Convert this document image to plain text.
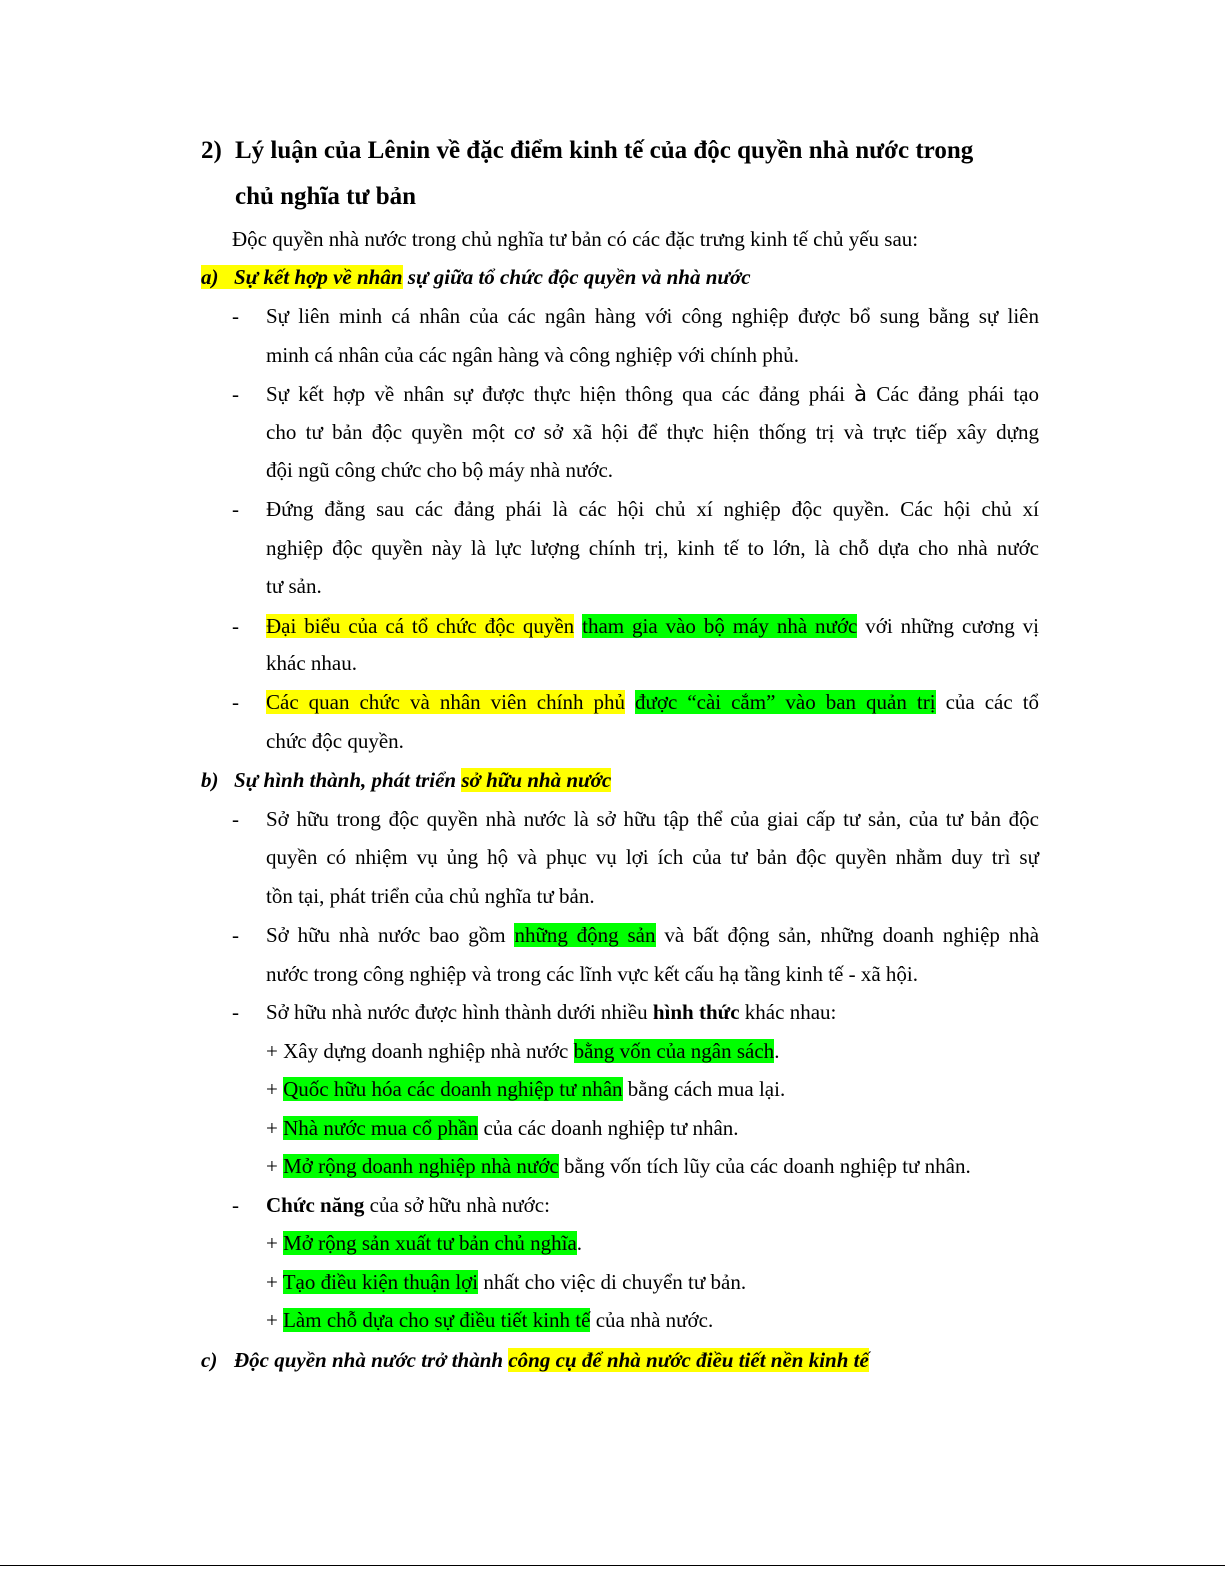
2) Lý luận của Lênin về đặc điểm kinh tế của độc quyền nhà nước trong
chủ nghĩa tư bản
Độc quyền nhà nước trong chủ nghĩa tư bản có các đặc trưng kinh tế chủ yếu sau:
a) Sự kết hợp về nhân sự giữa tổ chức độc quyền và nhà nước
- Sự liên minh cá nhân của các ngân hàng với công nghiệp được bổ sung bằng sự liên
minh cá nhân của các ngân hàng và công nghiệp với chính phủ.
- Sự kết hợp về nhân sự được thực hiện thông qua các đảng phái à Các đảng phái tạo
cho tư bản độc quyền một cơ sở xã hội để thực hiện thống trị và trực tiếp xây dựng
đội ngũ công chức cho bộ máy nhà nước.
- Đứng đằng sau các đảng phái là các hội chủ xí nghiệp độc quyền. Các hội chủ xí
nghiệp độc quyền này là lực lượng chính trị, kinh tế to lớn, là chỗ dựa cho nhà nước
tư sản.
- Đại biểu của cá tổ chức độc quyền tham gia vào bộ máy nhà nước với những cương vị
khác nhau.
- Các quan chức và nhân viên chính phủ được “cài cắm” vào ban quản trị của các tổ
chức độc quyền.
b) Sự hình thành, phát triển sở hữu nhà nước
- Sở hữu trong độc quyền nhà nước là sở hữu tập thể của giai cấp tư sản, của tư bản độc
quyền có nhiệm vụ ủng hộ và phục vụ lợi ích của tư bản độc quyền nhằm duy trì sự
tồn tại, phát triển của chủ nghĩa tư bản.
- Sở hữu nhà nước bao gồm những động sản và bất động sản, những doanh nghiệp nhà
nước trong công nghiệp và trong các lĩnh vực kết cấu hạ tầng kinh tế - xã hội.
- Sở hữu nhà nước được hình thành dưới nhiều hình thức khác nhau:
+ Xây dựng doanh nghiệp nhà nước bằng vốn của ngân sách.
+ Quốc hữu hóa các doanh nghiệp tư nhân bằng cách mua lại.
+ Nhà nước mua cổ phần của các doanh nghiệp tư nhân.
+ Mở rộng doanh nghiệp nhà nước bằng vốn tích lũy của các doanh nghiệp tư nhân.
- Chức năng của sở hữu nhà nước:
+ Mở rộng sản xuất tư bản chủ nghĩa.
+ Tạo điều kiện thuận lợi nhất cho việc di chuyển tư bản.
+ Làm chỗ dựa cho sự điều tiết kinh tế của nhà nước.
c) Độc quyền nhà nước trở thành công cụ để nhà nước điều tiết nền kinh tế
